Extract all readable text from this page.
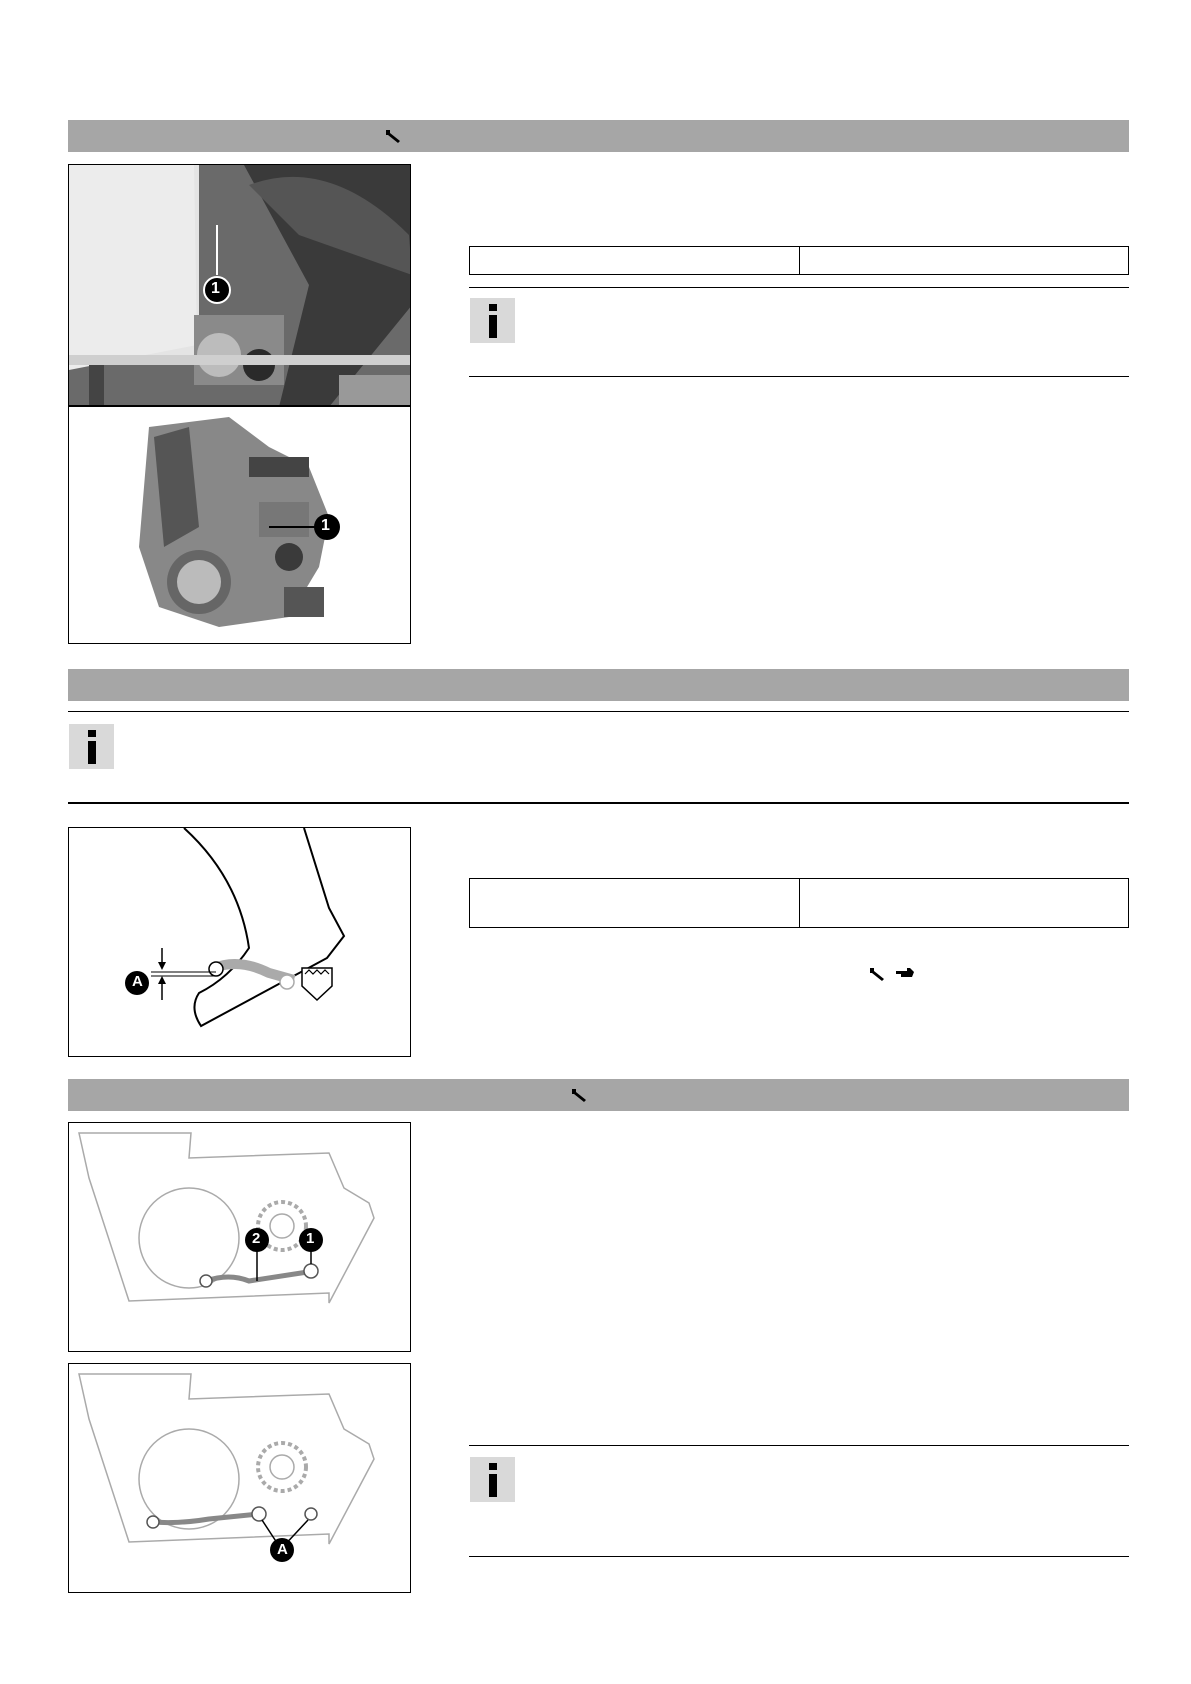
1
1
A
2	1
A
